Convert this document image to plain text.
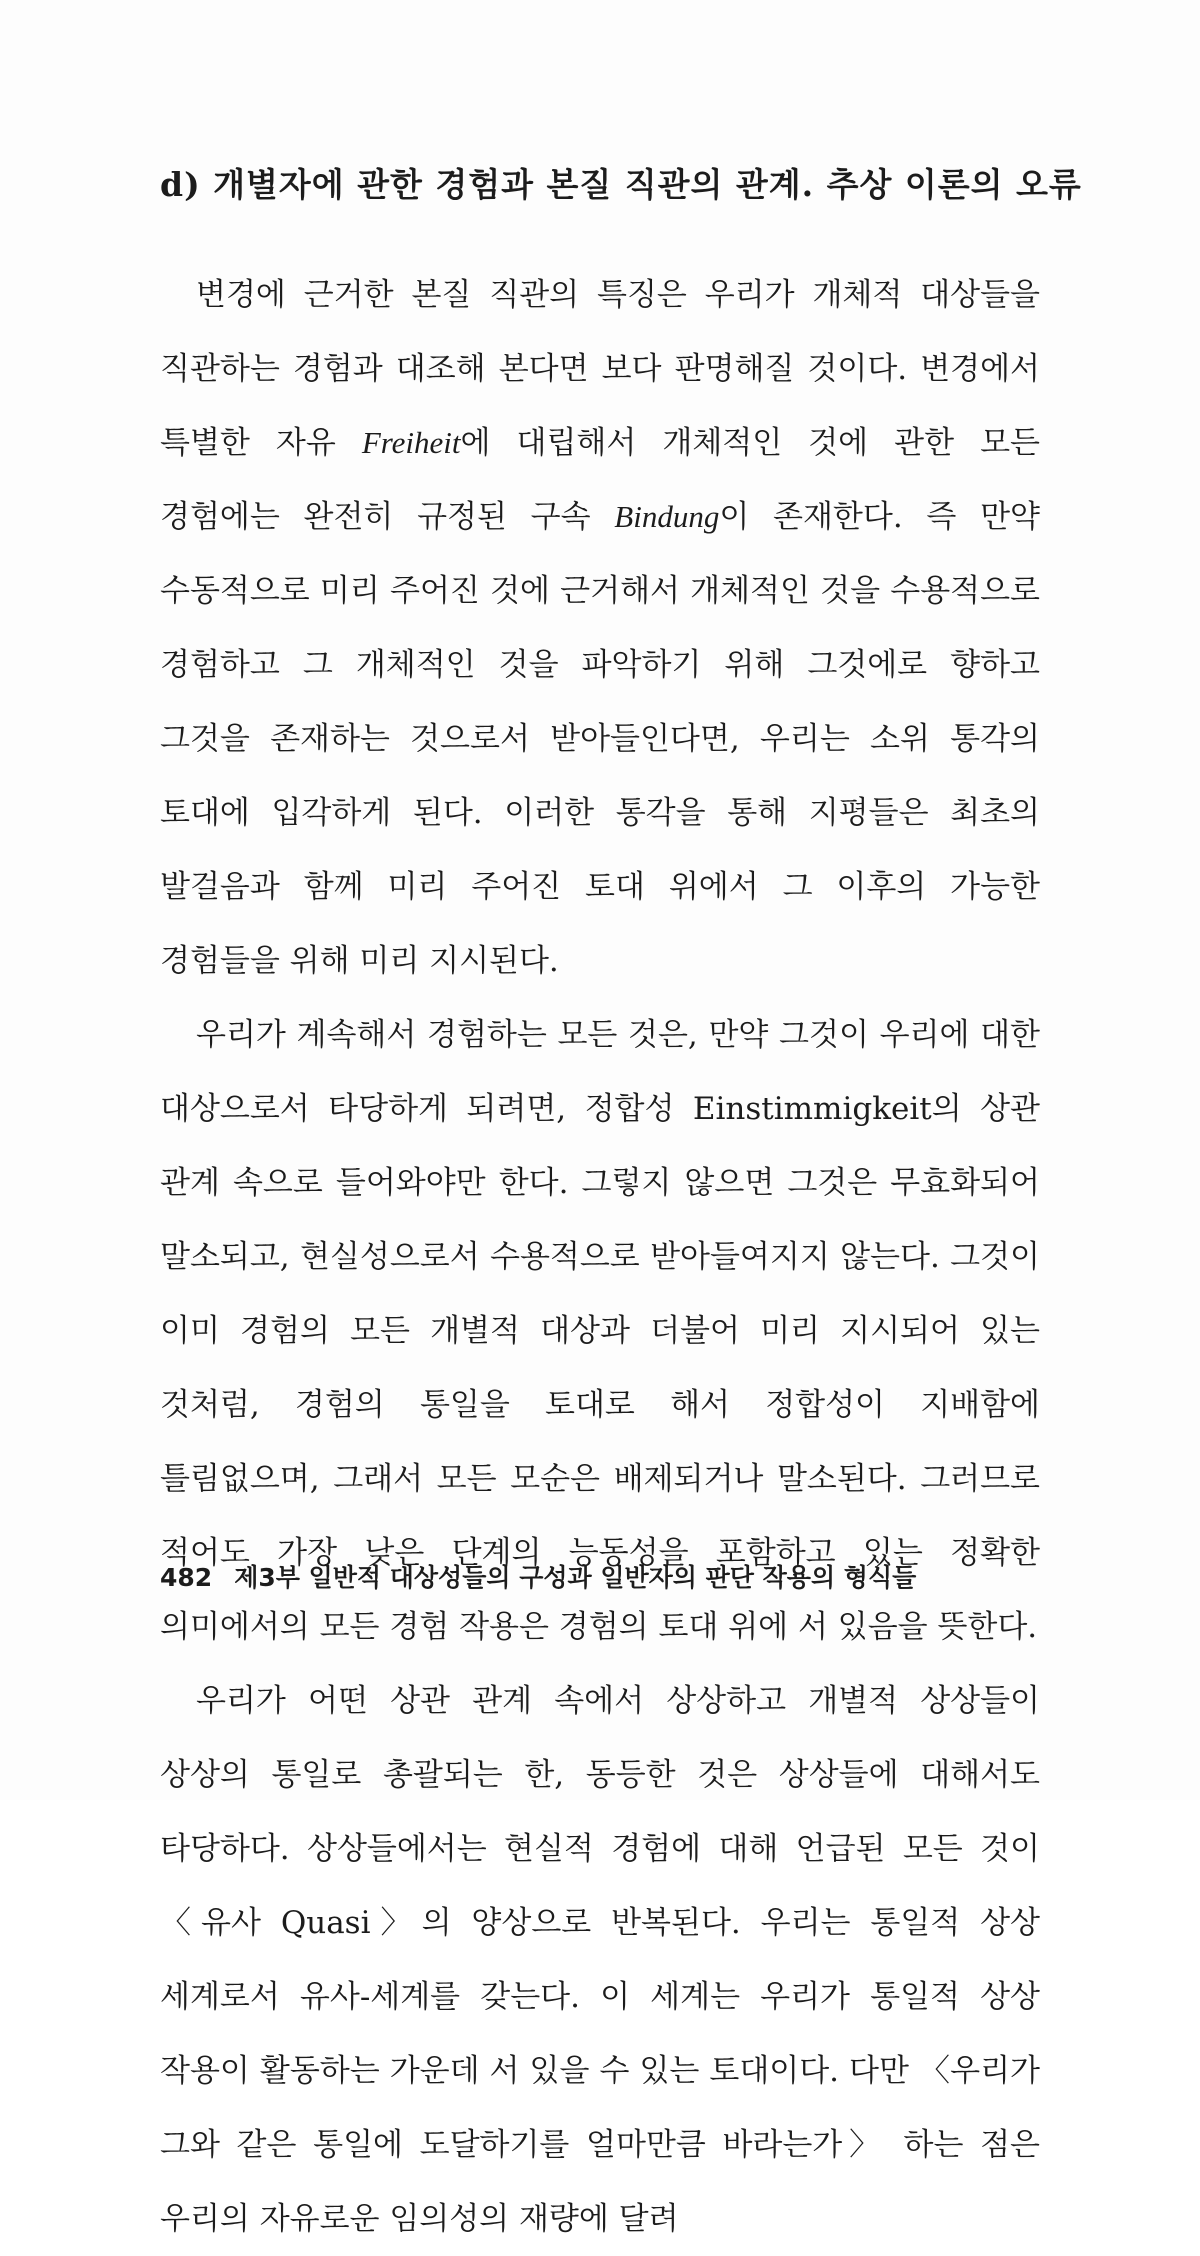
d) 개별자에 관한 경험과 본질 직관의 관계. 추상 이론의 오류

변경에 근거한 본질 직관의 특징은 우리가 개체적 대상들을 직관하는 경험과 대조해 본다면 보다 판명해질 것이다. 변경에서 특별한 자유 Freiheit에 대립해서 개체적인 것에 관한 모든 경험에는 완전히 규정된 구속 Bindung이 존재한다. 즉 만약 수동적으로 미리 주어진 것에 근거해서 개체적인 것을 수용적으로 경험하고 그 개체적인 것을 파악하기 위해 그것에로 향하고 그것을 존재하는 것으로서 받아들인다면, 우리는 소위 통각의 토대에 입각하게 된다. 이러한 통각을 통해 지평들은 최초의 발걸음과 함께 미리 주어진 토대 위에서 그 이후의 가능한 경험들을 위해 미리 지시된다.

우리가 계속해서 경험하는 모든 것은, 만약 그것이 우리에 대한 대상으로서 타당하게 되려면, 정합성 Einstimmigkeit의 상관 관계 속으로 들어와야만 한다. 그렇지 않으면 그것은 무효화되어 말소되고, 현실성으로서 수용적으로 받아들여지지 않는다. 그것이 이미 경험의 모든 개별적 대상과 더불어 미리 지시되어 있는 것처럼, 경험의 통일을 토대로 해서 정합성이 지배함에 틀림없으며, 그래서 모든 모순은 배제되거나 말소된다. 그러므로 적어도 가장 낮은 단계의 능동성을 포함하고 있는 정확한 의미에서의 모든 경험 작용은 경험의 토대 위에 서 있음을 뜻한다.

우리가 어떤 상관 관계 속에서 상상하고 개별적 상상들이 상상의 통일로 총괄되는 한, 동등한 것은 상상들에 대해서도 타당하다. 상상들에서는 현실적 경험에 대해 언급된 모든 것이 〈유사 Quasi〉의 양상으로 반복된다. 우리는 통일적 상상 세계로서 유사-세계를 갖는다. 이 세계는 우리가 통일적 상상 작용이 활동하는 가운데 서 있을 수 있는 토대이다. 다만 〈우리가 그와 같은 통일에 도달하기를 얼마만큼 바라는가〉 하는 점은 우리의 자유로운 임의성의 재량에 달려

482 제3부 일반적 대상성들의 구성과 일반자의 판단 작용의 형식들
